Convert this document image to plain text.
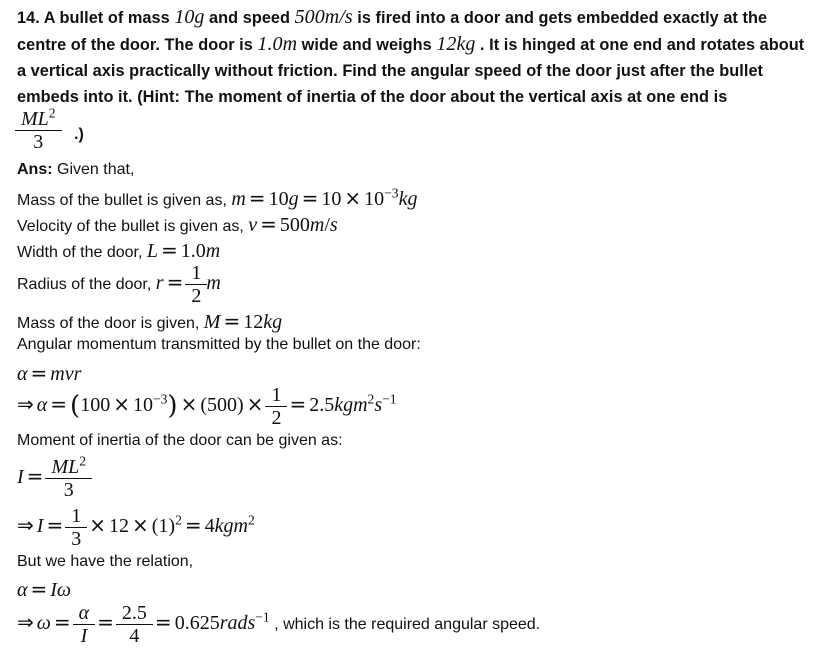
14. A bullet of mass 10g and speed 500m/s is fired into a door and gets embedded exactly at the centre of the door. The door is 1.0m wide and weighs 12kg . It is hinged at one end and rotates about a vertical axis practically without friction. Find the angular speed of the door just after the bullet embeds into it. (Hint: The moment of inertia of the door about the vertical axis at one end is
$\frac{ML^2}{3}$ .)
Ans: Given that,
Mass of the bullet is given as, $m = 10g = 10 \times 10^{-3}kg$
Velocity of the bullet is given as, v = 500m/s
Width of the door, L = 1.0m
Radius of the door, $r = \frac{1}{2}$ m
Mass of the door is given, M = 12kg
Angular momentum transmitted by the bullet on the door:
α = mvr
⇒ $\alpha = (100 \times 10^{-3}) \times (500) \times \frac{1}{2} = 2.5kgm^2s^{-1}$
Moment of inertia of the door can be given as:
$I = \frac{ML^2}{3}$
⇒ $I = \frac{1}{3} \times 12 \times (1)^2 = 4kgm^2$
But we have the relation,
α = Iω
⇒ $\omega = \frac{\alpha}{I} = \frac{2.5}{4}$ = 0.625rads$^{-1}$ , which is the required angular speed.
